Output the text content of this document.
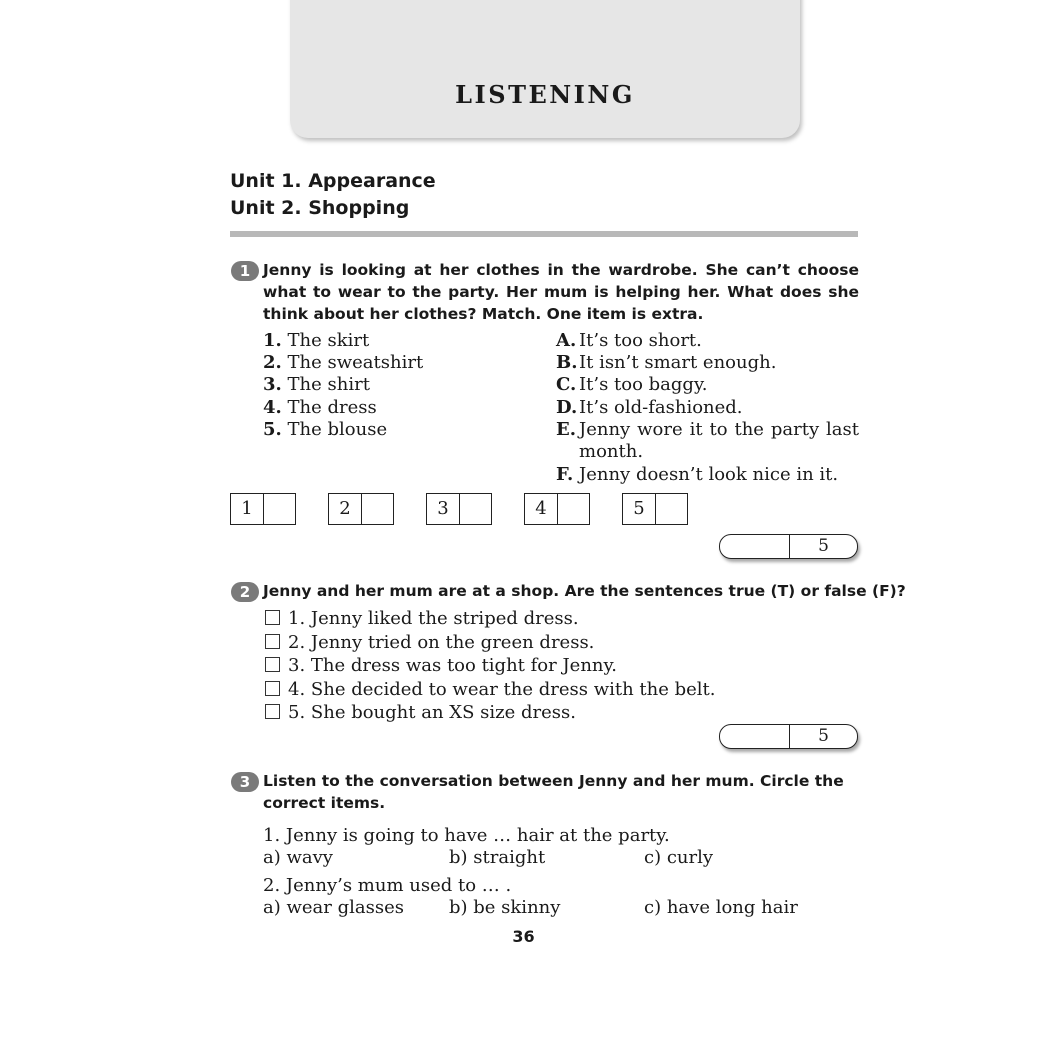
LISTENING
Unit 1. Appearance
Unit 2. Shopping
1 Jenny is looking at her clothes in the wardrobe. She can’t choose what to wear to the party. Her mum is helping her. What does she think about her clothes? Match. One item is extra.
1. The skirt
2. The sweatshirt
3. The shirt
4. The dress
5. The blouse
A. It’s too short.
B.It isn’t smart enough.
C. It’s too baggy.
D.It’s old-fashioned.
E. Jenny wore it to the party last month.
F. Jenny doesn’t look nice in it.
1	2	3	4	5
5
2 Jenny and her mum are at a shop. Are the sentences true (T) or false (F)?
1. Jenny liked the striped dress.
2. Jenny tried on the green dress.
3. The dress was too tight for Jenny.
4. She decided to wear the dress with the belt.
5. She bought an XS size dress.
5
3 Listen to the conversation between Jenny and her mum. Circle the correct items.
1. Jenny is going to have … hair at the party.
a) wavy	b) straight	c) curly
2. Jenny’s mum used to … .
a) wear glasses	b) be skinny	c) have long hair
36
